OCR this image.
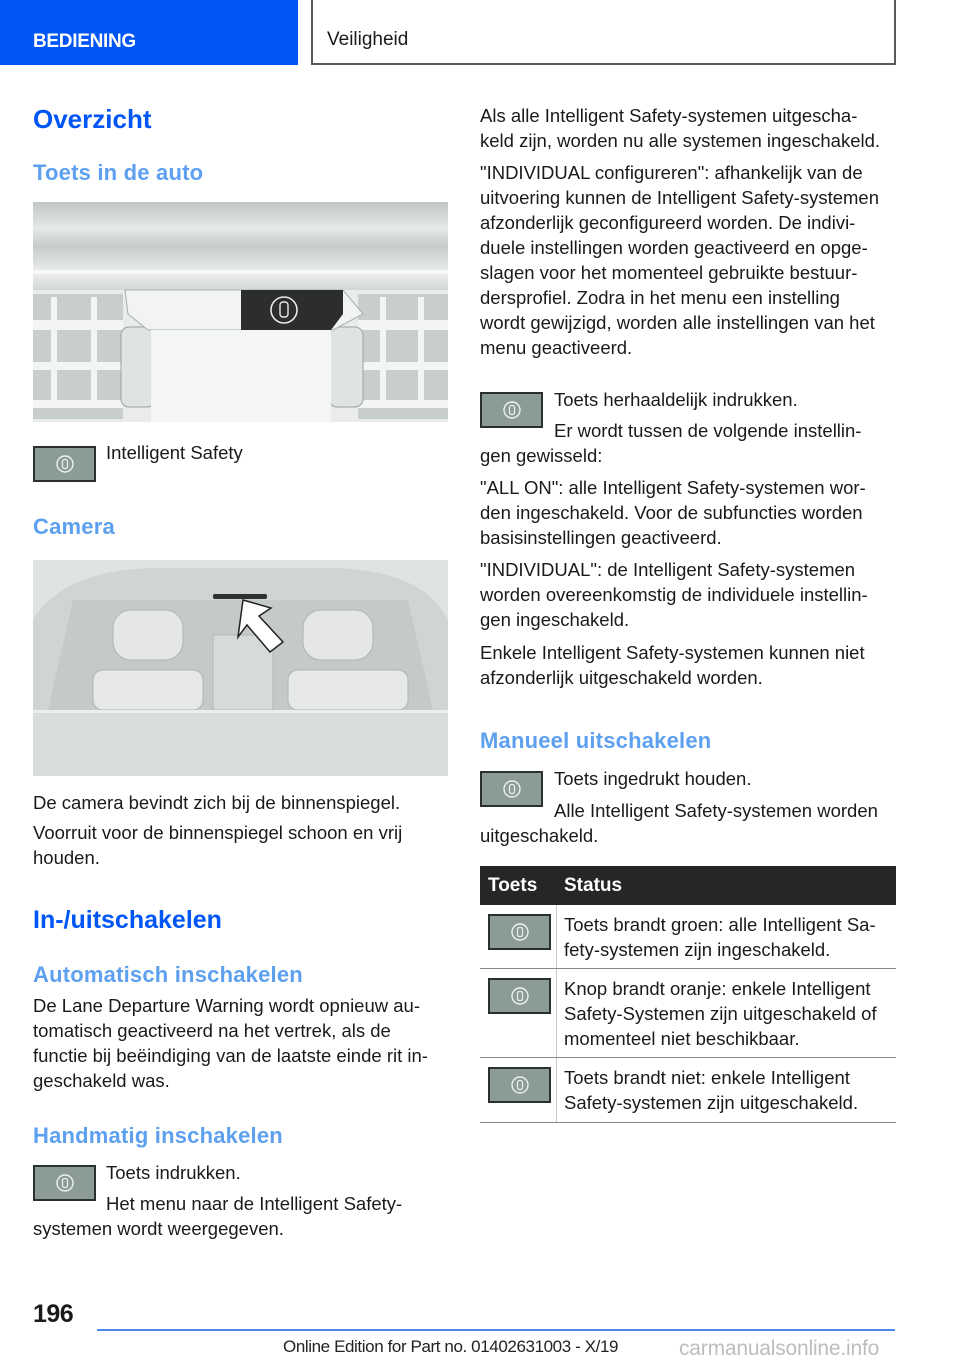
BEDIENING	Veiligheid
Overzicht
Toets in de auto
Intelligent Safety
Camera
De camera bevindt zich bij de binnenspiegel.
Voorruit voor de binnenspiegel schoon en vrij
houden.
In-/uitschakelen
Automatisch inschakelen
De Lane Departure Warning wordt opnieuw au-
tomatisch geactiveerd na het vertrek, als de
functie bij beëindiging van de laatste einde rit in-
geschakeld was.
Handmatig inschakelen
Toets indrukken.
Het menu naar de Intelligent Safety-
systemen wordt weergegeven.
Als alle Intelligent Safety-systemen uitgescha-
keld zijn, worden nu alle systemen ingeschakeld.
"INDIVIDUAL configureren": afhankelijk van de
uitvoering kunnen de Intelligent Safety-systemen
afzonderlijk geconfigureerd worden. De indivi-
duele instellingen worden geactiveerd en opge-
slagen voor het momenteel gebruikte bestuur-
dersprofiel. Zodra in het menu een instelling
wordt gewijzigd, worden alle instellingen van het
menu geactiveerd.
Toets herhaaldelijk indrukken.
Er wordt tussen de volgende instellin-
gen gewisseld:
"ALL ON": alle Intelligent Safety-systemen wor-
den ingeschakeld. Voor de subfuncties worden
basisinstellingen geactiveerd.
"INDIVIDUAL": de Intelligent Safety-systemen
worden overeenkomstig de individuele instellin-
gen ingeschakeld.
Enkele Intelligent Safety-systemen kunnen niet
afzonderlijk uitgeschakeld worden.
Manueel uitschakelen
Toets ingedrukt houden.
Alle Intelligent Safety-systemen worden
uitgeschakeld.
Toets Status
Toets brandt groen: alle Intelligent Sa-
fety-systemen zijn ingeschakeld.
Knop brandt oranje: enkele Intelligent
Safety-Systemen zijn uitgeschakeld of
momenteel niet beschikbaar.
Toets brandt niet: enkele Intelligent
Safety-systemen zijn uitgeschakeld.
196
Online Edition for Part no. 01402631003 - X/19	carmanualsonline.info
